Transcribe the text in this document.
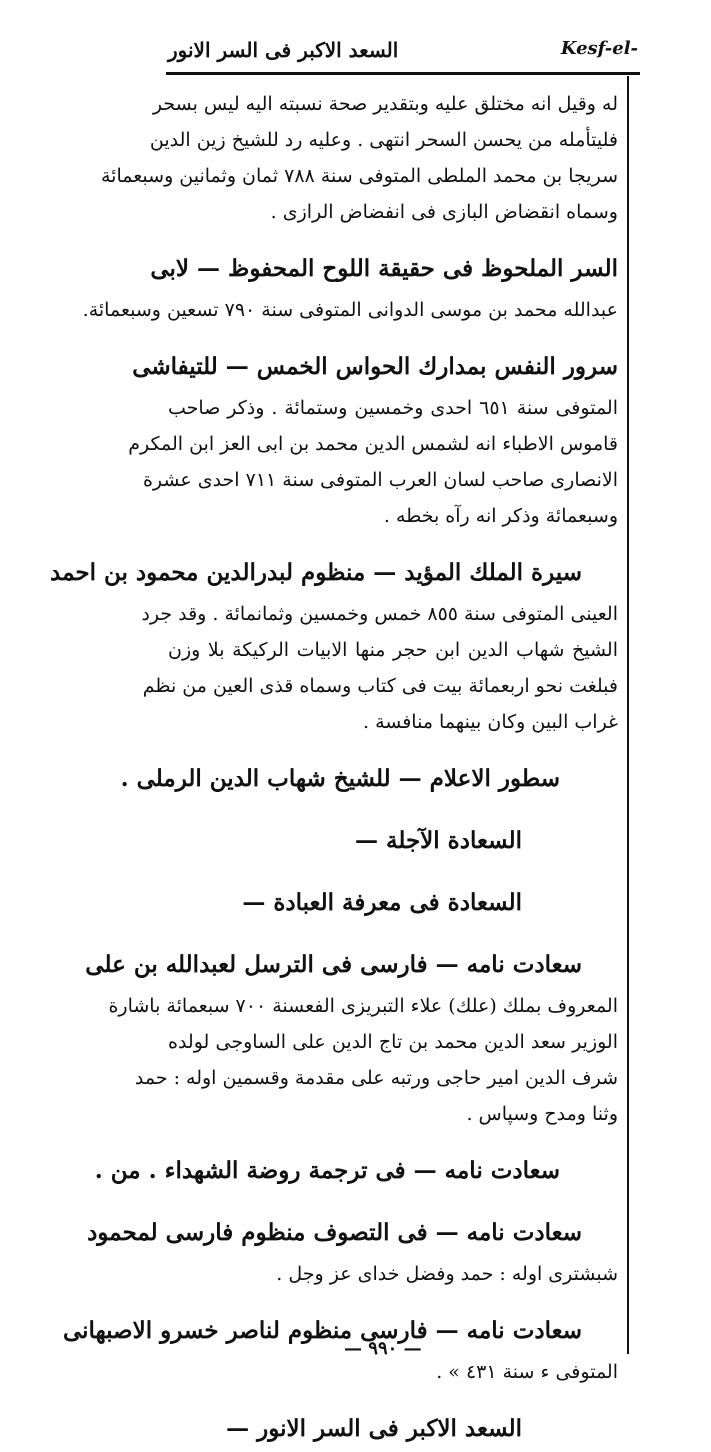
السعد الاكبر فى السر الانور	Kesf-el-
له وقيل انه مختلق عليه وبتقدير صحة نسبته اليه ليس بسحر
فليتأمله من يحسن السحر انتهى . وعليه رد للشيخ زين الدين
سريجا بن محمد الملطى المتوفى سنة ٧٨٨ ثمان وثمانين وسبعمائة
وسماه انقضاض البازى فى انفضاض الرازى .
السر الملحوظ فى حقيقة اللوح المحفوظ — لابى
عبدالله محمد بن موسى الدوانى المتوفى سنة ٧٩٠ تسعين وسبعمائة.
سرور النفس بمدارك الحواس الخمس — للتيفاشى
المتوفى سنة ٦٥١ احدى وخمسين وستمائة . وذكر صاحب
قاموس الاطباء انه لشمس الدين محمد بن ابى العز ابن المكرم
الانصارى صاحب لسان العرب المتوفى سنة ٧١١ احدى عشرة
وسبعمائة وذكر انه رآه بخطه .
سيرة الملك المؤيد — منظوم لبدرالدين محمود بن احمد
العينى المتوفى سنة ٨٥٥ خمس وخمسين وثمانمائة . وقد جرد
الشيخ شهاب الدين ابن حجر منها الابيات الركيكة بلا وزن
فبلغت نحو اربعمائة بيت فى كتاب وسماه قذى العين من نظم
غراب البين وكان بينهما منافسة .
سطور الاعلام — للشيخ شهاب الدين الرملى .
السعادة الآجلة —
السعادة فى معرفة العبادة —
سعادت نامه — فارسى فى الترسل لعبدالله بن على
المعروف بملك (علك) علاء التبريزى الفعسنة ٧٠٠ سبعمائة باشارة
الوزير سعد الدين محمد بن تاج الدين على الساوجى لولده
شرف الدين امير حاجى ورتبه على مقدمة وقسمين اوله : حمد
وثنا ومدح وسپاس .
سعادت نامه — فى ترجمة روضة الشهداء . من .
سعادت نامه — فى التصوف منظوم فارسى لمحمود
شبشترى اوله : حمد وفضل خداى عز وجل .
سعادت نامه — فارسى منظوم لناصر خسرو الاصبهانى
المتوفى ء سنة ٤٣١ » .
السعد الاكبر فى السر الانور —
— ٩٩٠ —
